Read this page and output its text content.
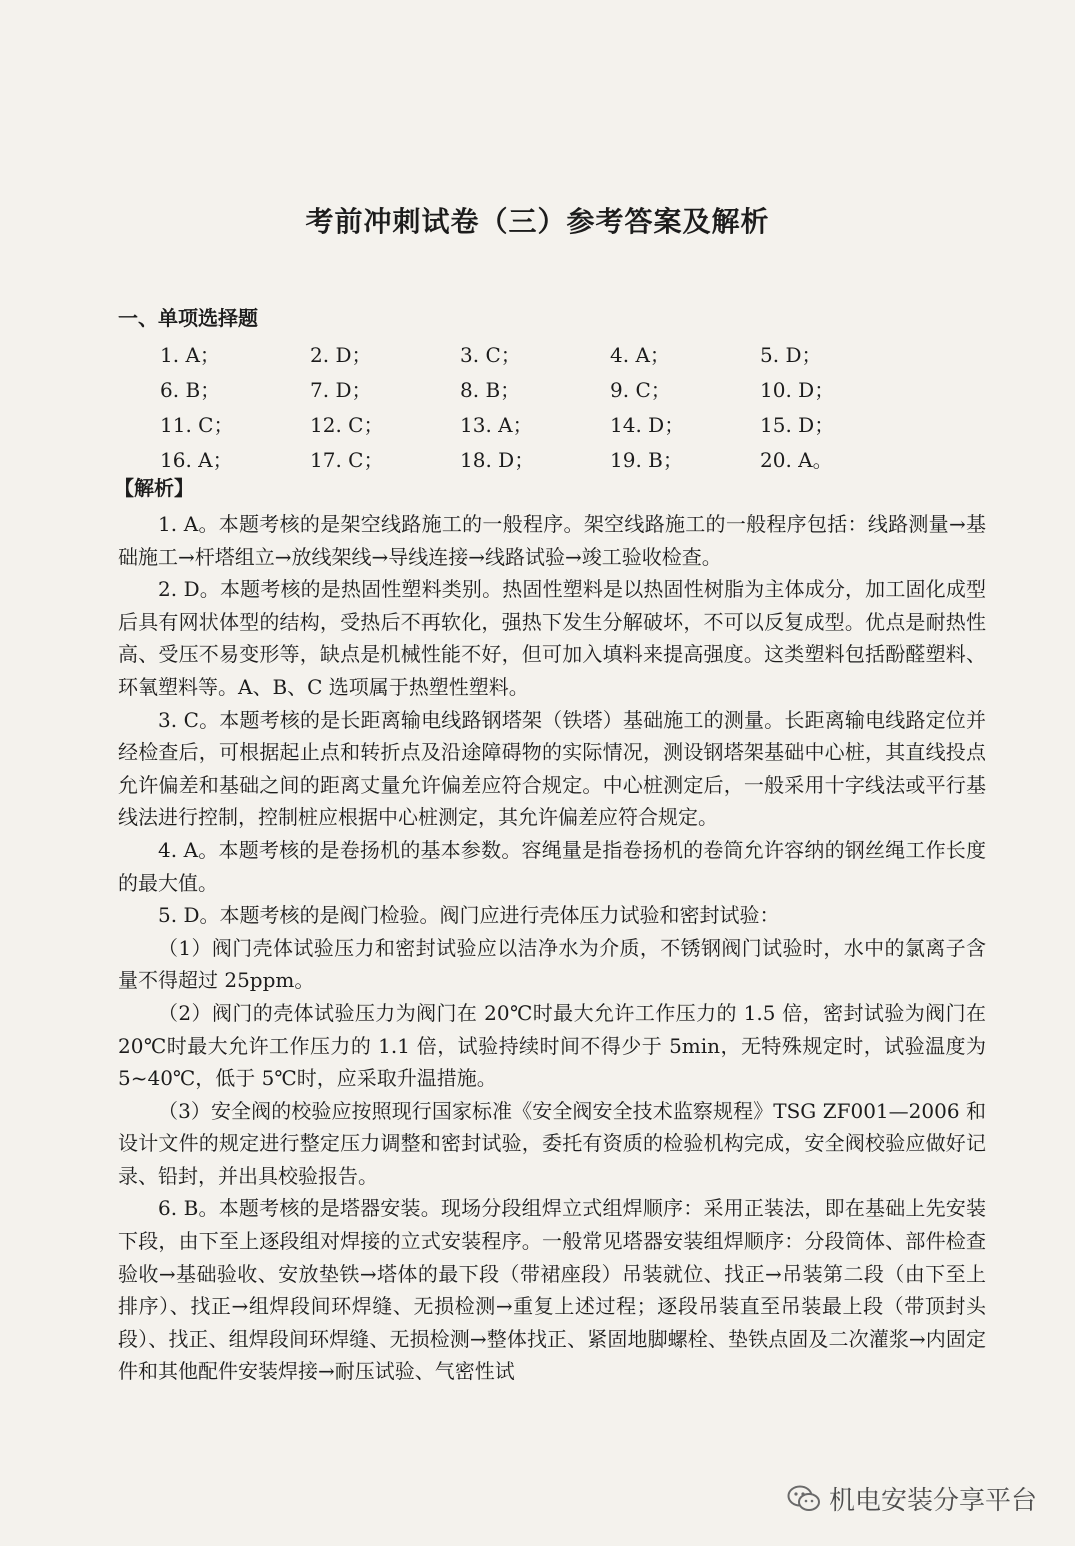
考前冲刺试卷（三）参考答案及解析
一、单项选择题
1. A；	2. D；	3. C；	4. A；	5. D；
6. B；	7. D；	8. B；	9. C；	10. D；
11. C；	12. C；	13. A；	14. D；	15. D；
16. A；	17. C；	18. D；	19. B；	20. A。
【解析】

1. A。本题考核的是架空线路施工的一般程序。架空线路施工的一般程序包括：线路测量→基础施工→杆塔组立→放线架线→导线连接→线路试验→竣工验收检查。

2. D。本题考核的是热固性塑料类别。热固性塑料是以热固性树脂为主体成分，加工固化成型后具有网状体型的结构，受热后不再软化，强热下发生分解破坏，不可以反复成型。优点是耐热性高、受压不易变形等，缺点是机械性能不好，但可加入填料来提高强度。这类塑料包括酚醛塑料、环氧塑料等。A、B、C 选项属于热塑性塑料。

3. C。本题考核的是长距离输电线路钢塔架（铁塔）基础施工的测量。长距离输电线路定位并经检查后，可根据起止点和转折点及沿途障碍物的实际情况，测设钢塔架基础中心桩，其直线投点允许偏差和基础之间的距离丈量允许偏差应符合规定。中心桩测定后，一般采用十字线法或平行基线法进行控制，控制桩应根据中心桩测定，其允许偏差应符合规定。

4. A。本题考核的是卷扬机的基本参数。容绳量是指卷扬机的卷筒允许容纳的钢丝绳工作长度的最大值。

5. D。本题考核的是阀门检验。阀门应进行壳体压力试验和密封试验：

（1）阀门壳体试验压力和密封试验应以洁净水为介质，不锈钢阀门试验时，水中的氯离子含量不得超过 25ppm。

（2）阀门的壳体试验压力为阀门在 20℃时最大允许工作压力的 1.5 倍，密封试验为阀门在 20℃时最大允许工作压力的 1.1 倍，试验持续时间不得少于 5min，无特殊规定时，试验温度为 5~40℃，低于 5℃时，应采取升温措施。

（3）安全阀的校验应按照现行国家标准《安全阀安全技术监察规程》TSG ZF001—2006 和设计文件的规定进行整定压力调整和密封试验，委托有资质的检验机构完成，安全阀校验应做好记录、铅封，并出具校验报告。

6. B。本题考核的是塔器安装。现场分段组焊立式组焊顺序：采用正装法，即在基础上先安装下段，由下至上逐段组对焊接的立式安装程序。一般常见塔器安装组焊顺序：分段筒体、部件检查验收→基础验收、安放垫铁→塔体的最下段（带裙座段）吊装就位、找正→吊装第二段（由下至上排序）、找正→组焊段间环焊缝、无损检测→重复上述过程；逐段吊装直至吊装最上段（带顶封头段）、找正、组焊段间环焊缝、无损检测→整体找正、紧固地脚螺栓、垫铁点固及二次灌浆→内固定件和其他配件安装焊接→耐压试验、气密性试

机电安装分享平台
